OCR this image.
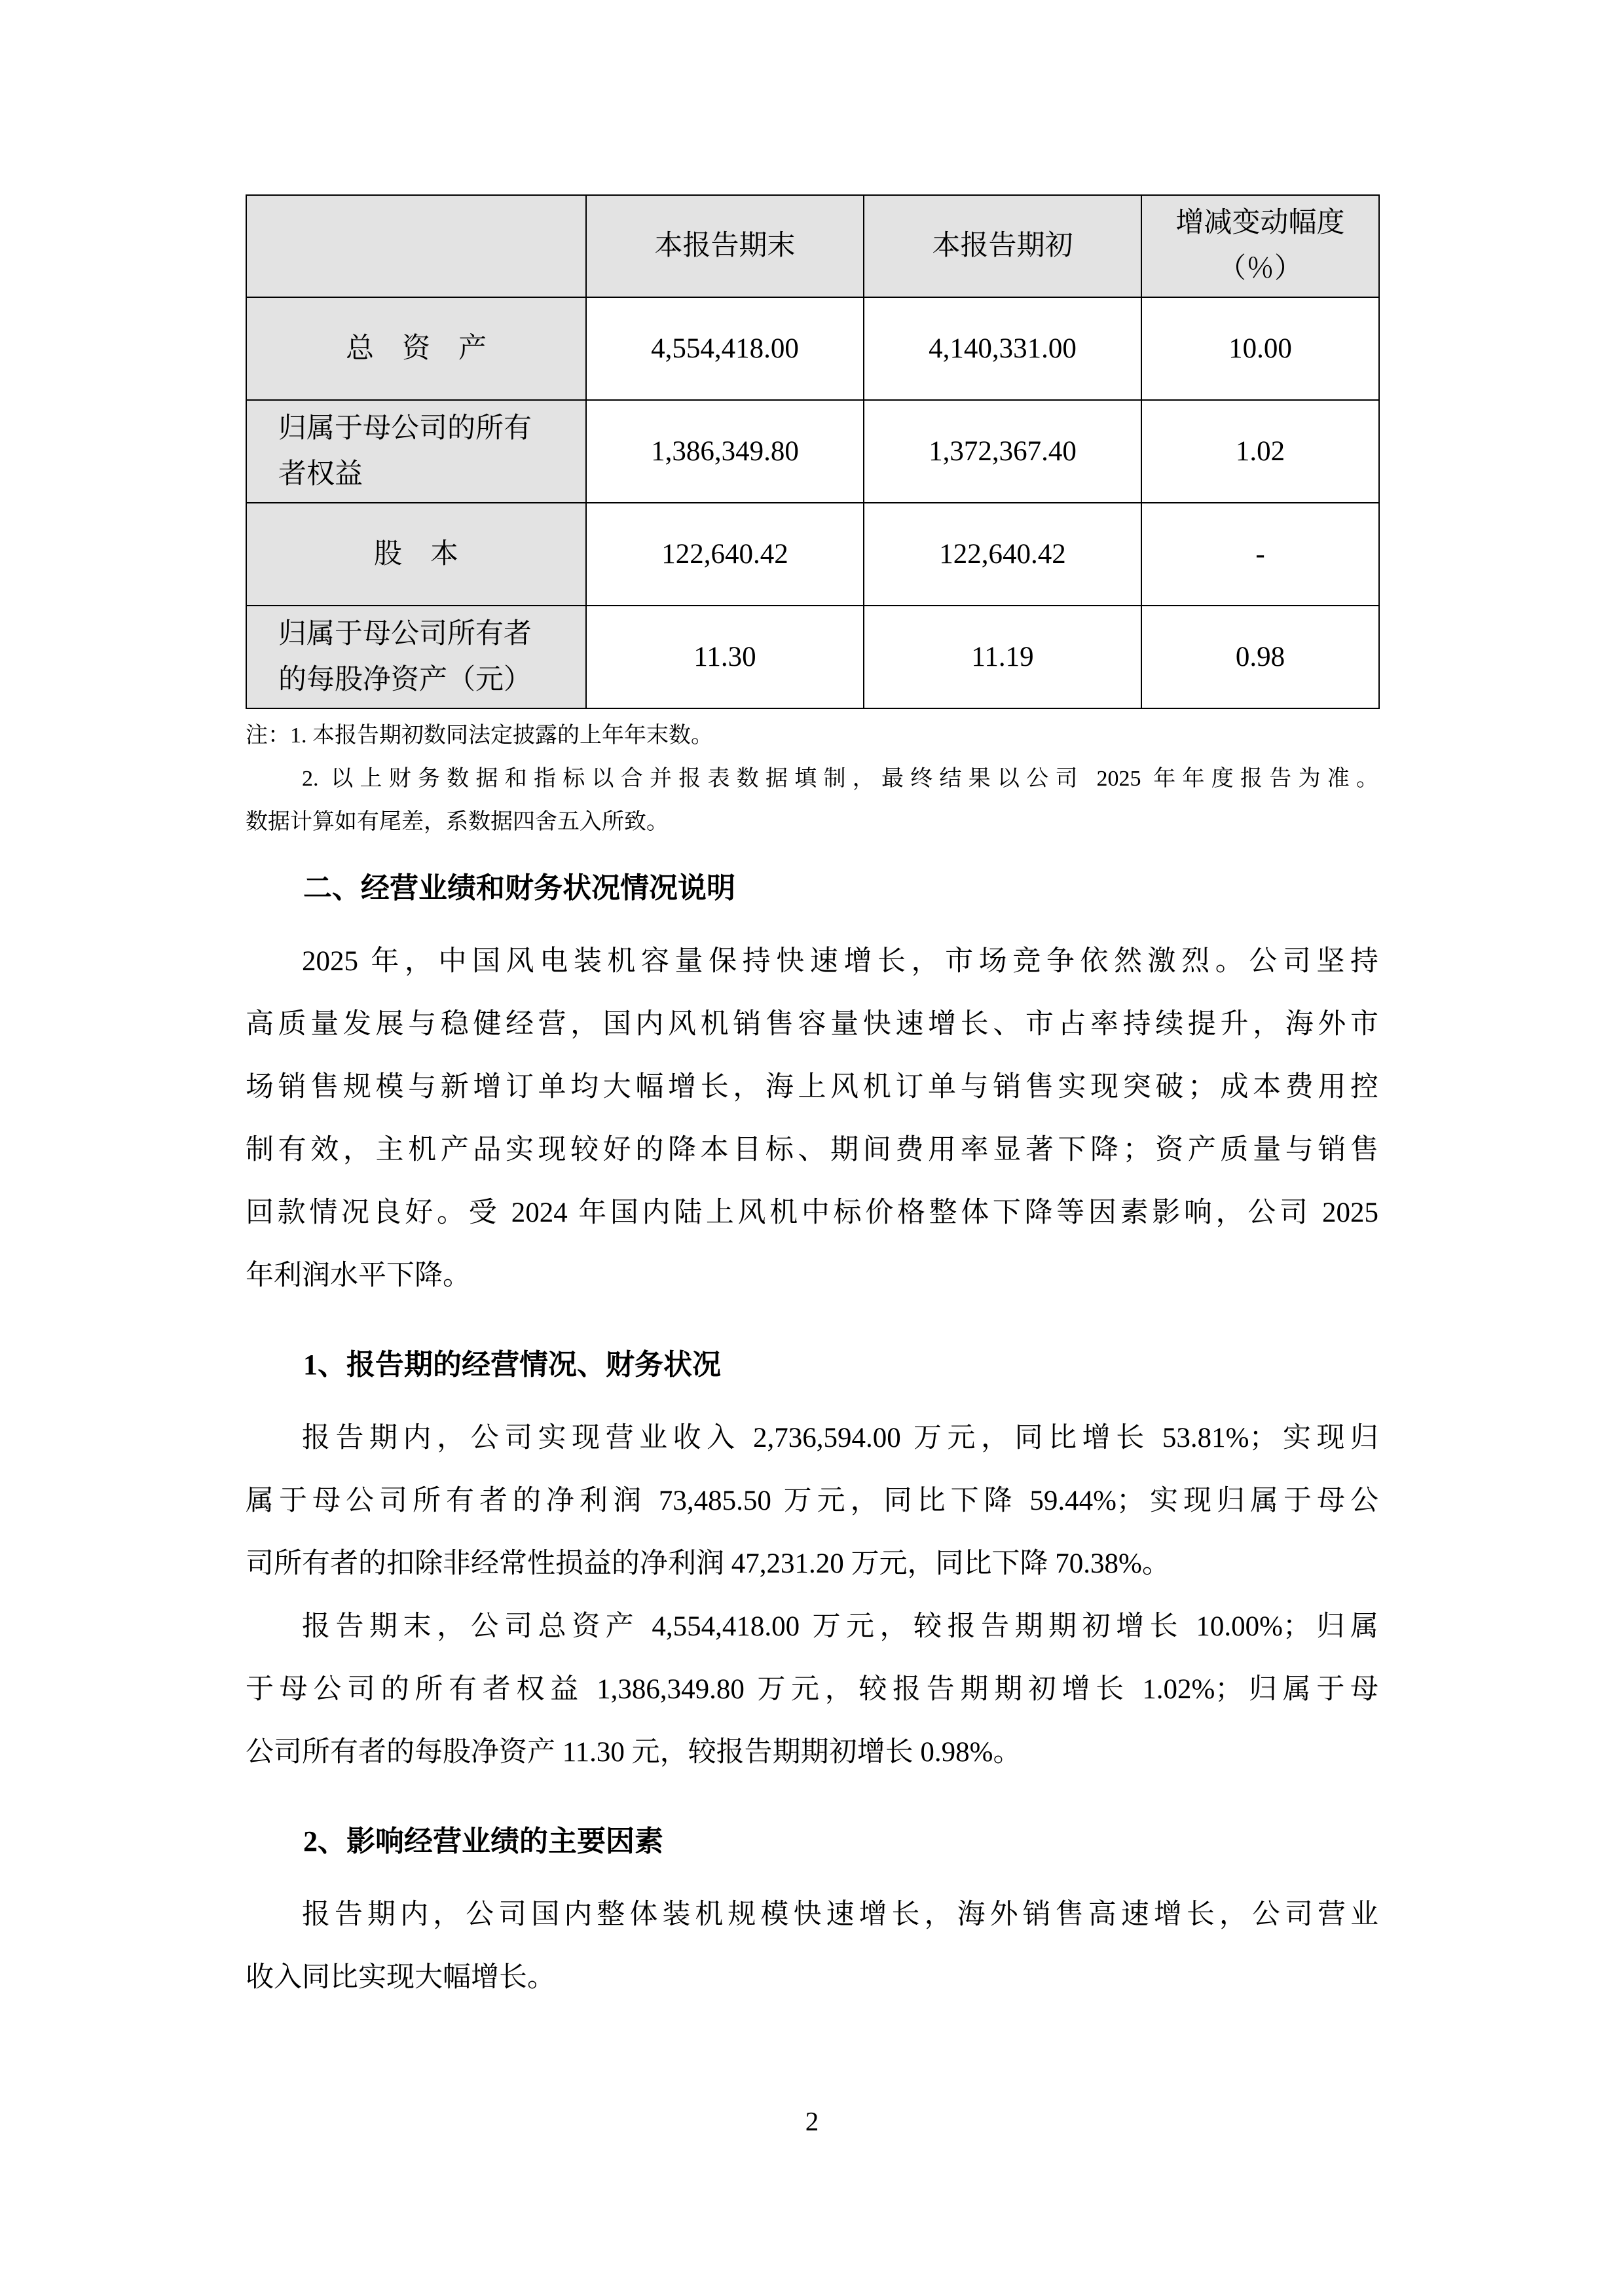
	本报告期末	本报告期初	增减变动幅度（％）
总　资　产	4,554,418.00	4,140,331.00	10.00
归属于母公司的所有者权益	1,386,349.80	1,372,367.40	1.02
股　本	122,640.42	122,640.42	-
归属于母公司所有者的每股净资产（元）	11.30	11.19	0.98
注：1. 本报告期初数同法定披露的上年年末数。
2. 以上财务数据和指标以合并报表数据填制，最终结果以公司 2025 年年度报告为准。
数据计算如有尾差，系数据四舍五入所致。
二、经营业绩和财务状况情况说明
2025 年，中国风电装机容量保持快速增长，市场竞争依然激烈。公司坚持
高质量发展与稳健经营，国内风机销售容量快速增长、市占率持续提升，海外市
场销售规模与新增订单均大幅增长，海上风机订单与销售实现突破；成本费用控
制有效，主机产品实现较好的降本目标、期间费用率显著下降；资产质量与销售
回款情况良好。受 2024 年国内陆上风机中标价格整体下降等因素影响，公司 2025
年利润水平下降。
1、报告期的经营情况、财务状况
报告期内，公司实现营业收入 2,736,594.00 万元，同比增长 53.81%；实现归
属于母公司所有者的净利润 73,485.50 万元，同比下降 59.44%；实现归属于母公
司所有者的扣除非经常性损益的净利润 47,231.20 万元，同比下降 70.38%。
报告期末，公司总资产 4,554,418.00 万元，较报告期期初增长 10.00%；归属
于母公司的所有者权益 1,386,349.80 万元，较报告期期初增长 1.02%；归属于母
公司所有者的每股净资产 11.30 元，较报告期期初增长 0.98%。
2、影响经营业绩的主要因素
报告期内，公司国内整体装机规模快速增长，海外销售高速增长，公司营业
收入同比实现大幅增长。
2
